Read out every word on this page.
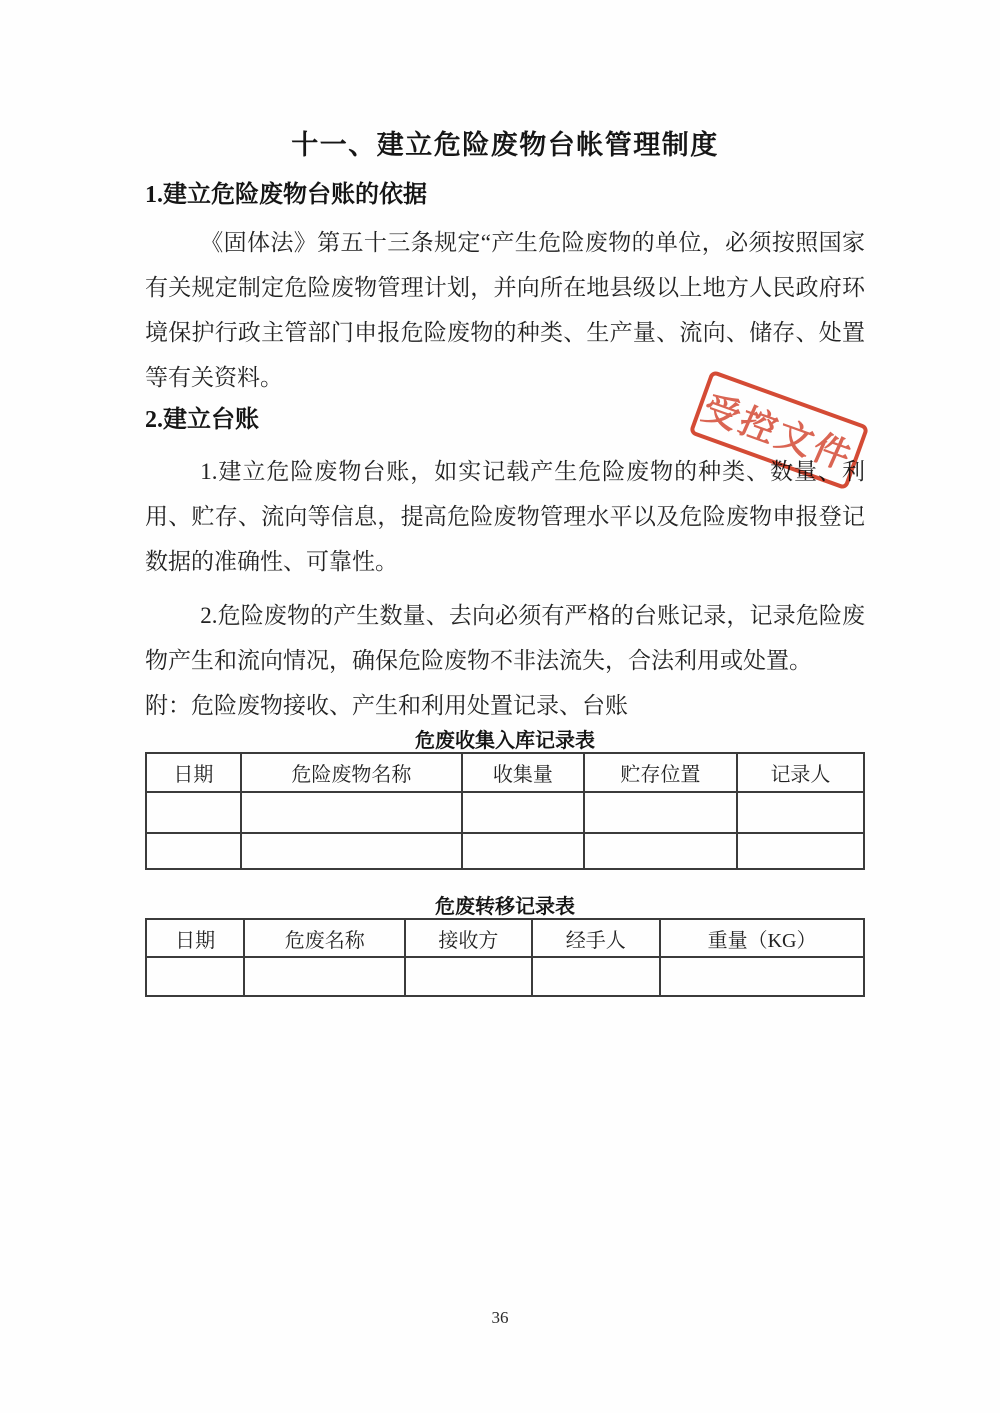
十一、建立危险废物台帐管理制度
1.建立危险废物台账的依据

《固体法》第五十三条规定“产生危险废物的单位，必须按照国家有关规定制定危险废物管理计划，并向所在地县级以上地方人民政府环境保护行政主管部门申报危险废物的种类、生产量、流向、储存、处置等有关资料。

2.建立台账

1.建立危险废物台账，如实记载产生危险废物的种类、数量、利用、贮存、流向等信息，提高危险废物管理水平以及危险废物申报登记数据的准确性、可靠性。

2.危险废物的产生数量、去向必须有严格的台账记录，记录危险废物产生和流向情况，确保危险废物不非法流失，合法利用或处置。

附：危险废物接收、产生和利用处置记录、台账

危废收集入库记录表
日期	危险废物名称	收集量	贮存位置	记录人

危废转移记录表
日期	危废名称	接收方	经手人	重量（KG）

受控文件
36
